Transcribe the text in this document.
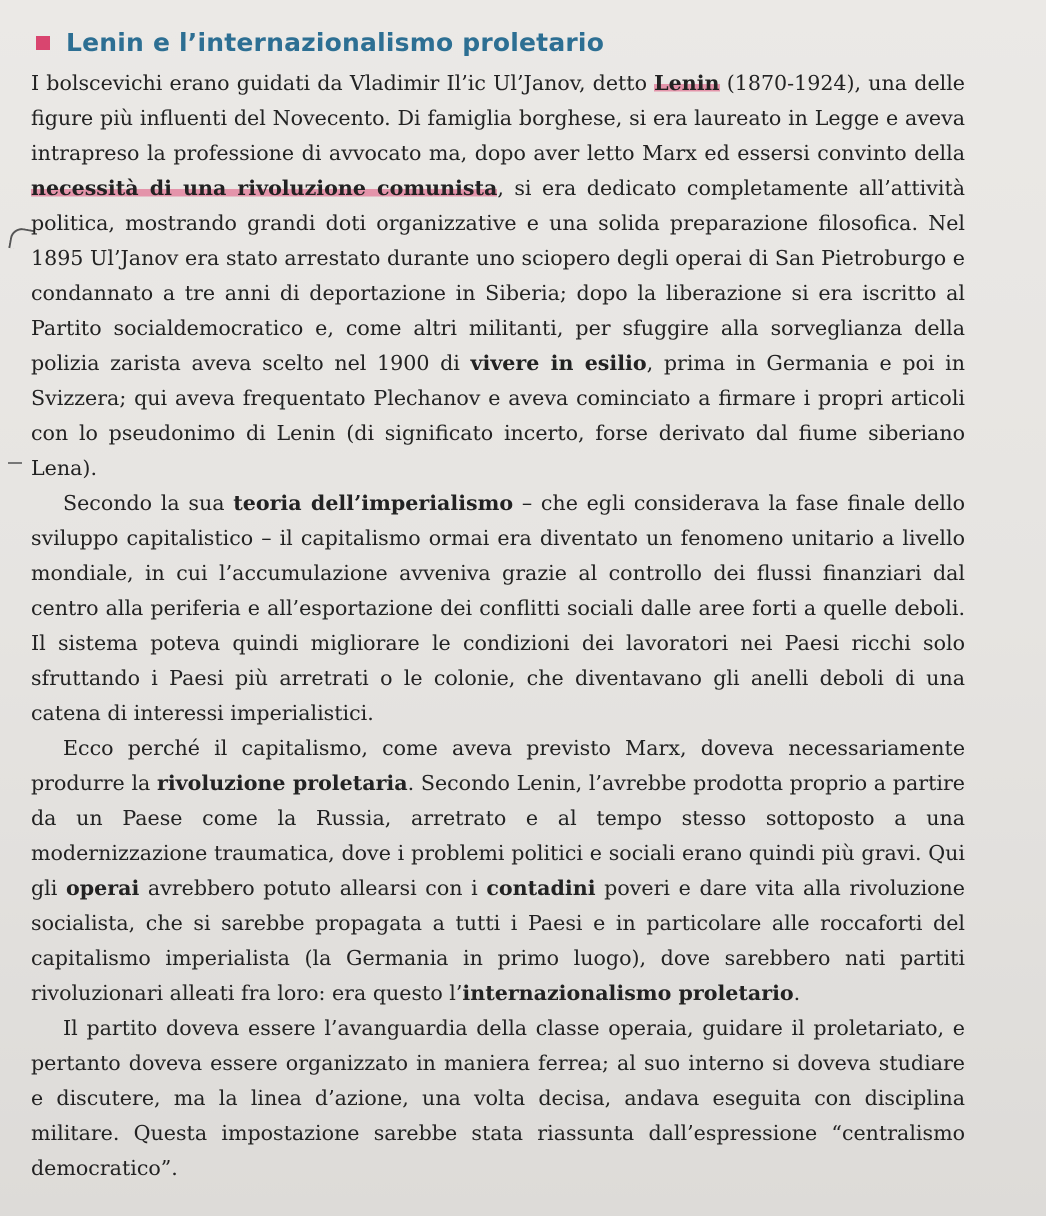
Lenin e l’internazionalismo proletario

I bolscevichi erano guidati da Vladimir Il’ic Ul’Janov, detto Lenin (1870-1924), una delle figure più influenti del Novecento. Di famiglia borghese, si era laureato in Legge e aveva intrapreso la professione di avvocato ma, dopo aver letto Marx ed essersi convinto della necessità di una rivoluzione comunista, si era dedicato completamente all’attività politica, mostrando grandi doti organizzative e una solida preparazione filosofica. Nel 1895 Ul’Janov era stato arrestato durante uno sciopero degli operai di San Pietroburgo e condannato a tre anni di deportazione in Siberia; dopo la liberazione si era iscritto al Partito socialdemocratico e, come altri militanti, per sfuggire alla sorveglianza della polizia zarista aveva scelto nel 1900 di vivere in esilio, prima in Germania e poi in Svizzera; qui aveva frequentato Plechanov e aveva cominciato a firmare i propri articoli con lo pseudonimo di Lenin (di significato incerto, forse derivato dal fiume siberiano Lena).

Secondo la sua teoria dell’imperialismo – che egli considerava la fase finale dello sviluppo capitalistico – il capitalismo ormai era diventato un fenomeno unitario a livello mondiale, in cui l’accumulazione avveniva grazie al controllo dei flussi finanziari dal centro alla periferia e all’esportazione dei conflitti sociali dalle aree forti a quelle deboli. Il sistema poteva quindi migliorare le condizioni dei lavoratori nei Paesi ricchi solo sfruttando i Paesi più arretrati o le colonie, che diventavano gli anelli deboli di una catena di interessi imperialistici.

Ecco perché il capitalismo, come aveva previsto Marx, doveva necessariamente produrre la rivoluzione proletaria. Secondo Lenin, l’avrebbe prodotta proprio a partire da un Paese come la Russia, arretrato e al tempo stesso sottoposto a una modernizzazione traumatica, dove i problemi politici e sociali erano quindi più gravi. Qui gli operai avrebbero potuto allearsi con i contadini poveri e dare vita alla rivoluzione socialista, che si sarebbe propagata a tutti i Paesi e in particolare alle roccaforti del capitalismo imperialista (la Germania in primo luogo), dove sarebbero nati partiti rivoluzionari alleati fra loro: era questo l’internazionalismo proletario.

Il partito doveva essere l’avanguardia della classe operaia, guidare il proletariato, e pertanto doveva essere organizzato in maniera ferrea; al suo interno si doveva studiare e discutere, ma la linea d’azione, una volta decisa, andava eseguita con disciplina militare. Questa impostazione sarebbe stata riassunta dall’espressione “centralismo democratico”.
